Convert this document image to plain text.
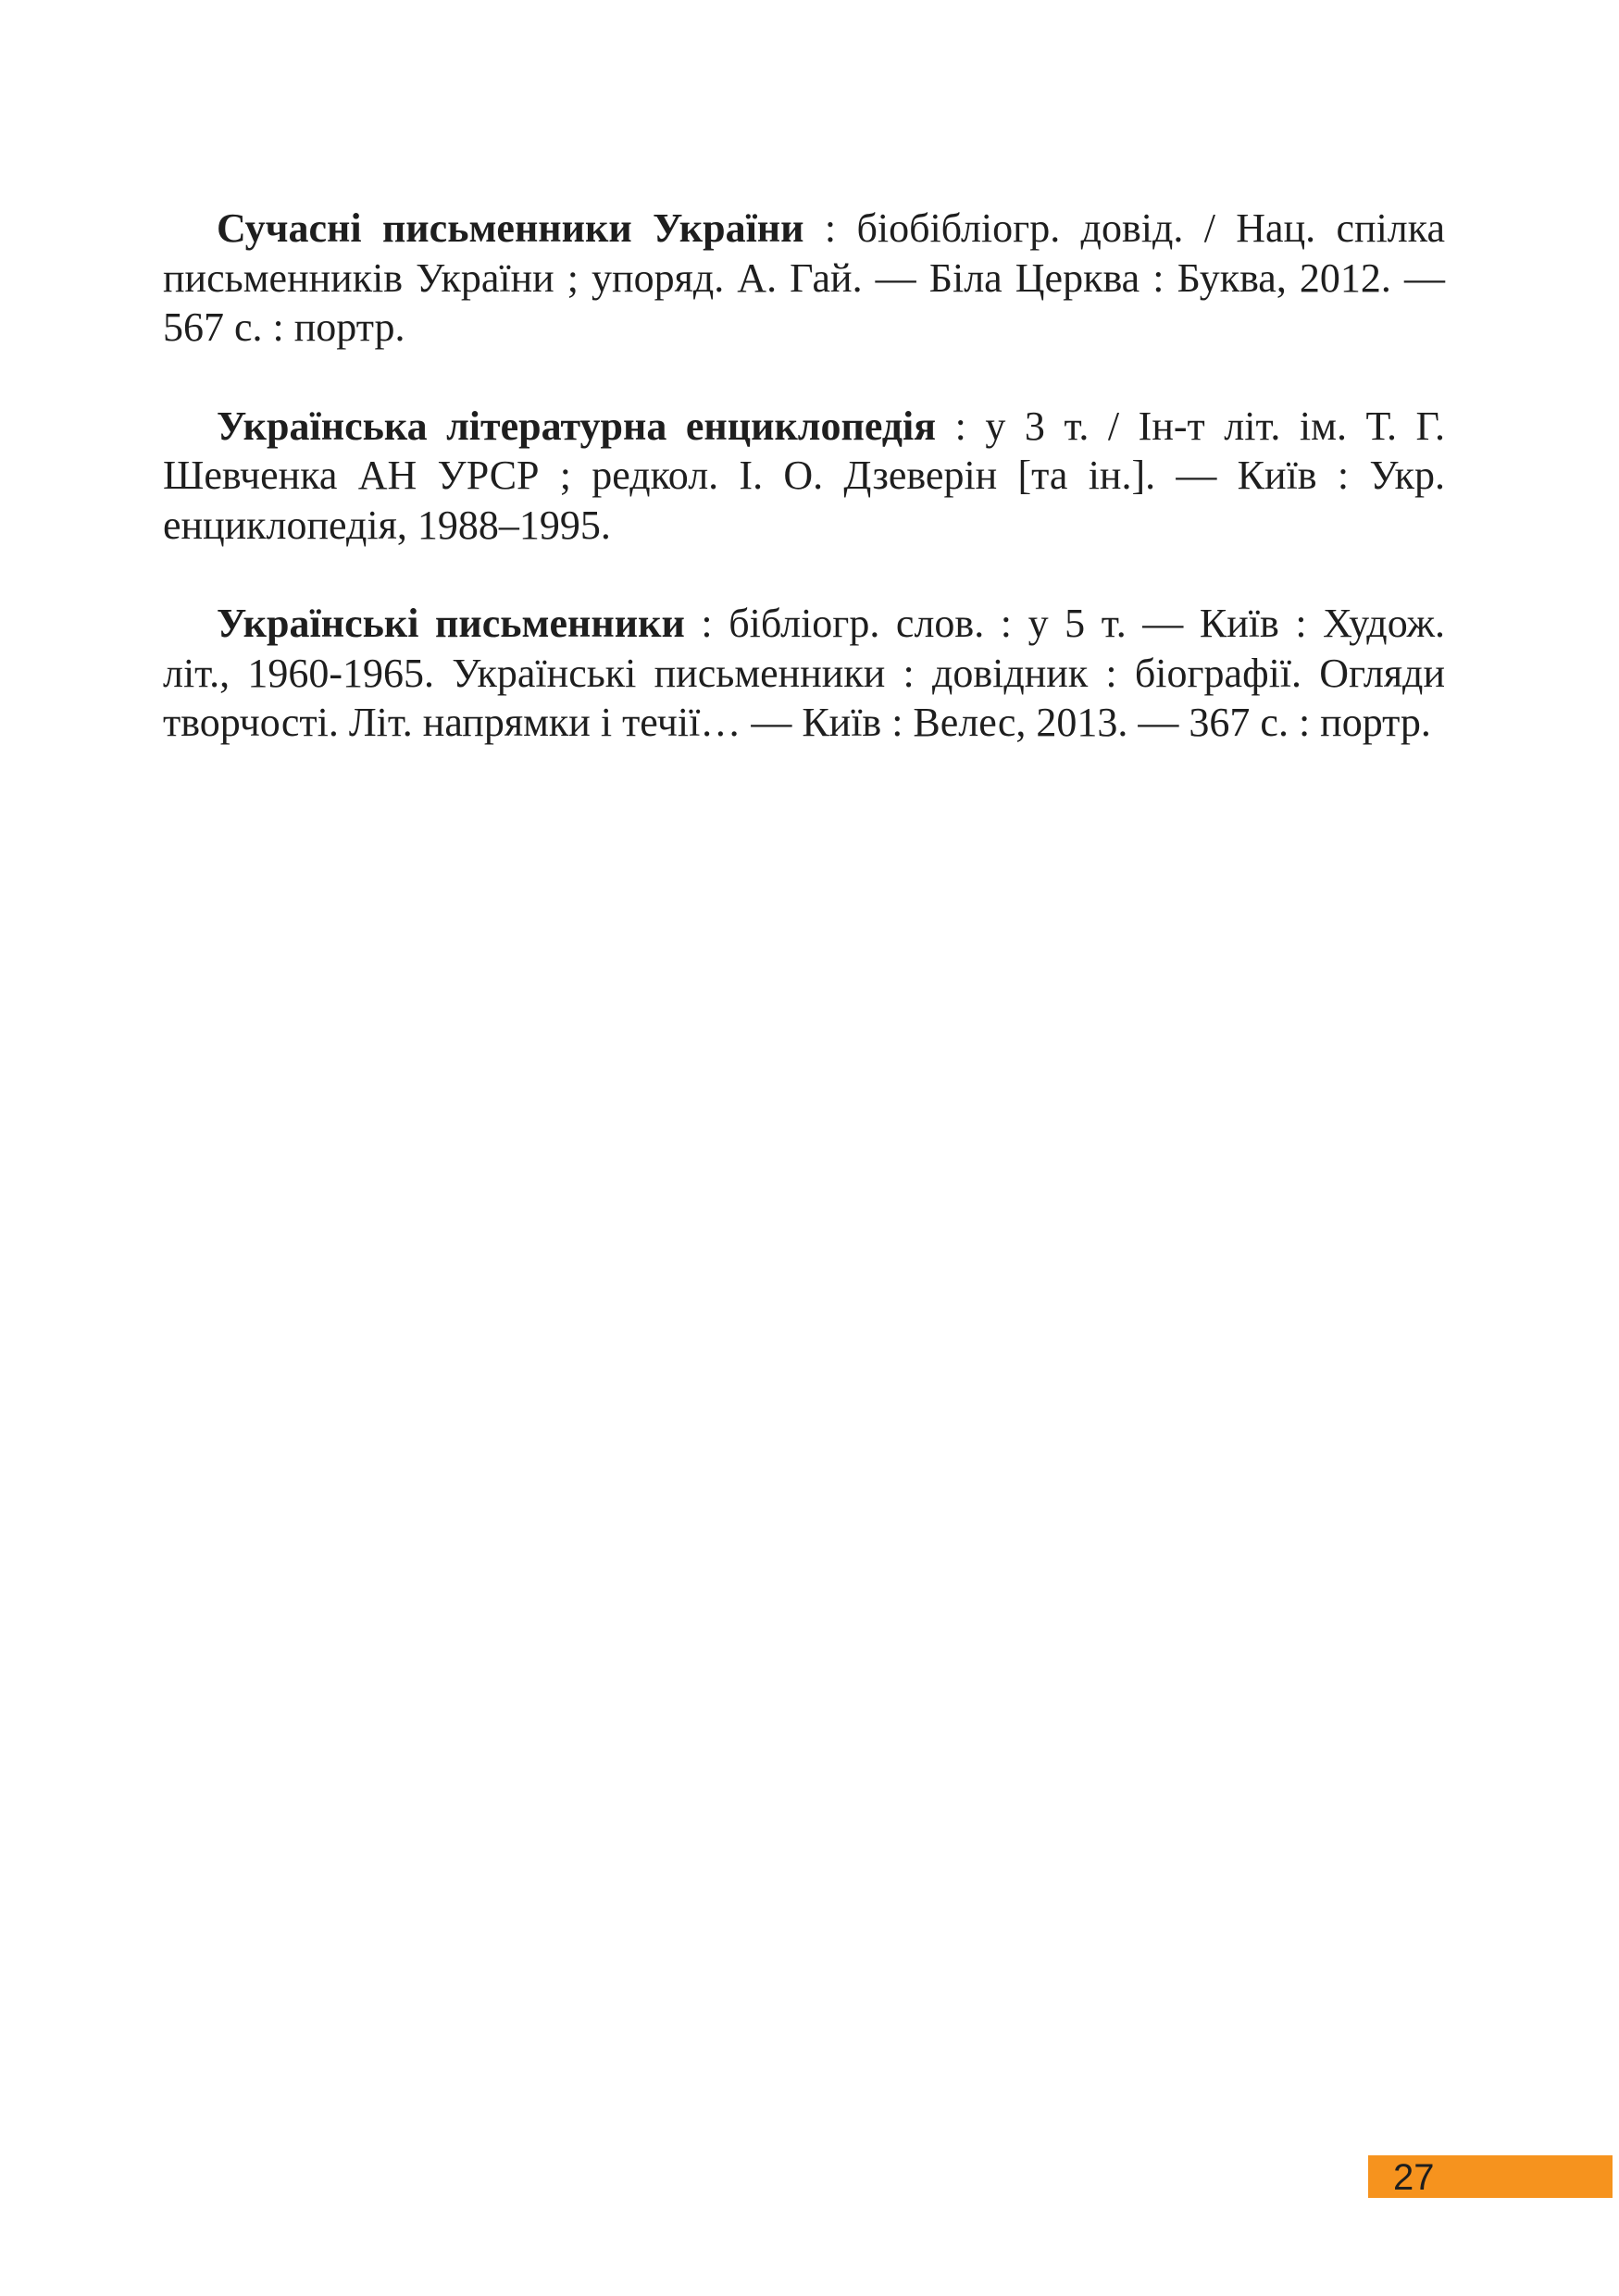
Сучасні письменники України : біобібліогр. довід. / Нац. спілка письменників України ; упоряд. А. Гай. — Біла Церква : Буква, 2012. — 567 с. : портр.

Українська літературна енциклопедія : у 3 т. / Ін-т літ. ім. Т. Г. Шевченка АН УРСР ; редкол. І. О. Дзеверін [та ін.]. — Київ : Укр. енциклопедія, 1988–1995.

Українські письменники : бібліогр. слов. : у 5 т. — Київ : Худож. літ., 1960-1965. Українські письменники : довідник : біографії. Огляди творчості. Літ. напрямки і течії… — Київ : Велес, 2013. — 367 с. : портр.

27
